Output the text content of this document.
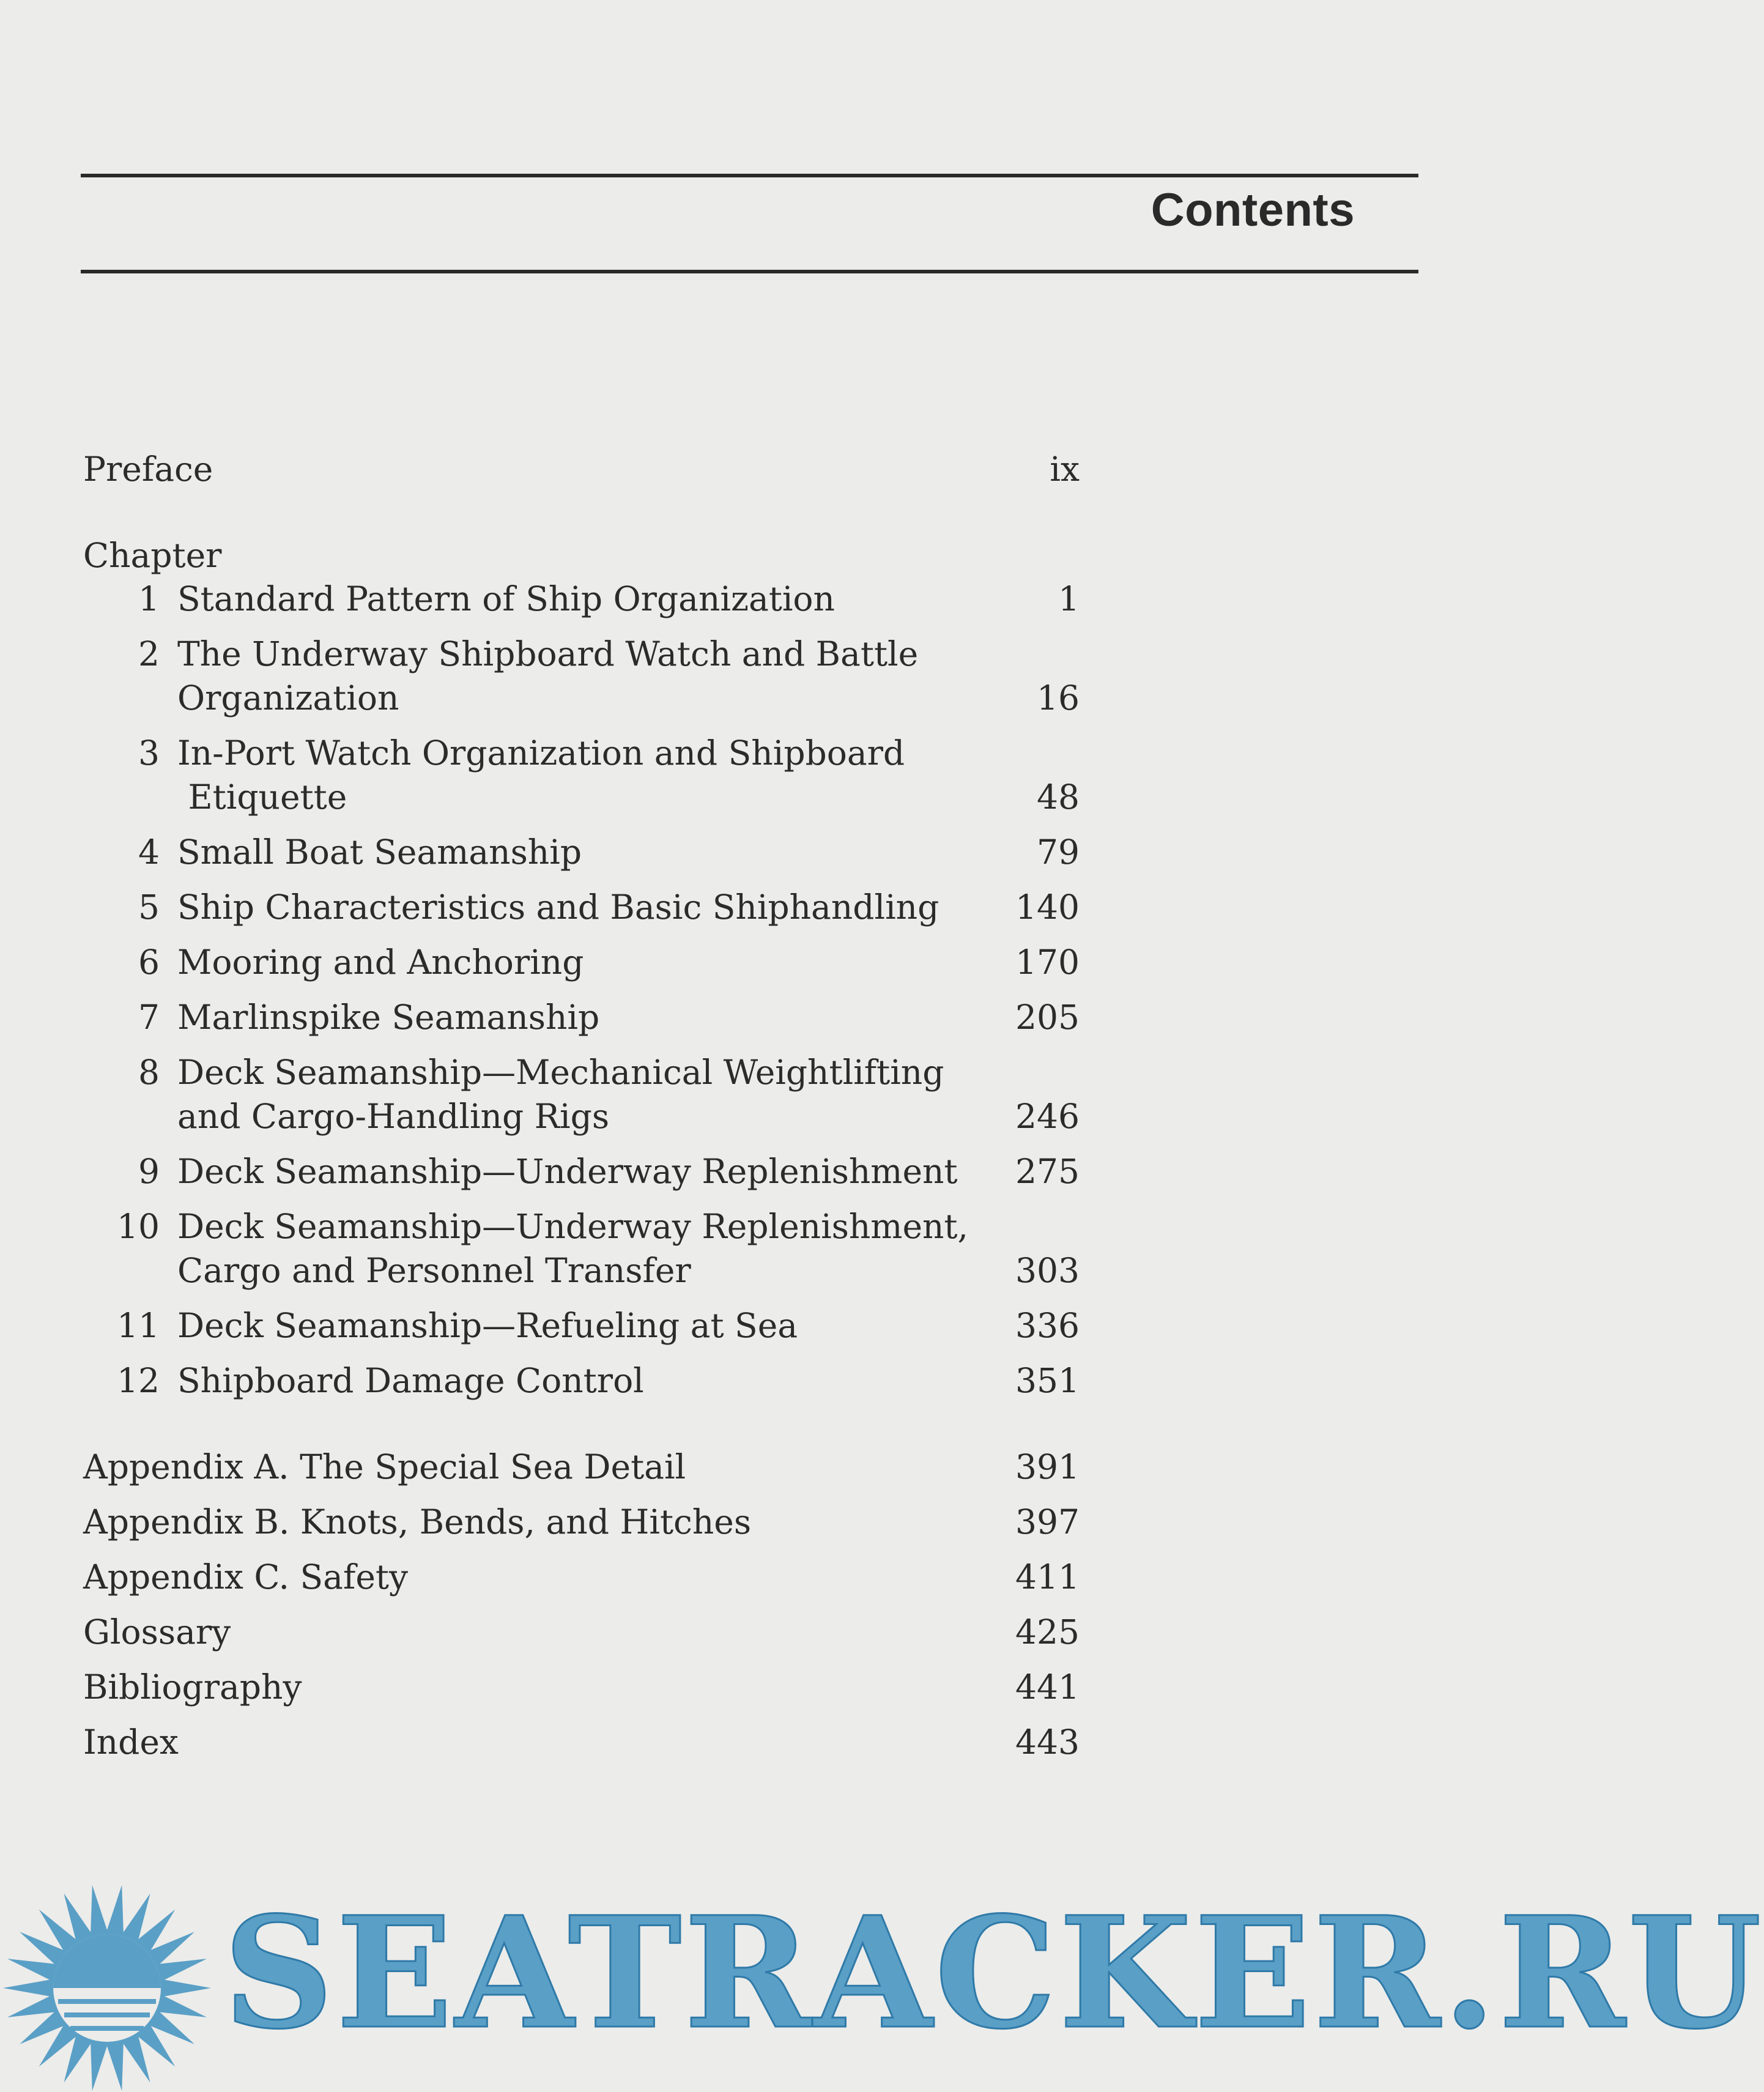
Contents
Preface	ix
Chapter
1 Standard Pattern of Ship Organization	1
2 The Underway Shipboard Watch and Battle
Organization	16
3 In-Port Watch Organization and Shipboard
Etiquette	48
4 Small Boat Seamanship	79
5 Ship Characteristics and Basic Shiphandling	140
6 Mooring and Anchoring	170
7 Marlinspike Seamanship	205
8 Deck Seamanship—Mechanical Weightlifting
and Cargo-Handling Rigs	246
9 Deck Seamanship—Underway Replenishment	275
10 Deck Seamanship—Underway Replenishment,
Cargo and Personnel Transfer	303
11 Deck Seamanship—Refueling at Sea	336
12 Shipboard Damage Control	351
Appendix A. The Special Sea Detail	391
Appendix B. Knots, Bends, and Hitches	397
Appendix C. Safety	411
Glossary	425
Bibliography	441
Index	443
SEATRACKER.RU
